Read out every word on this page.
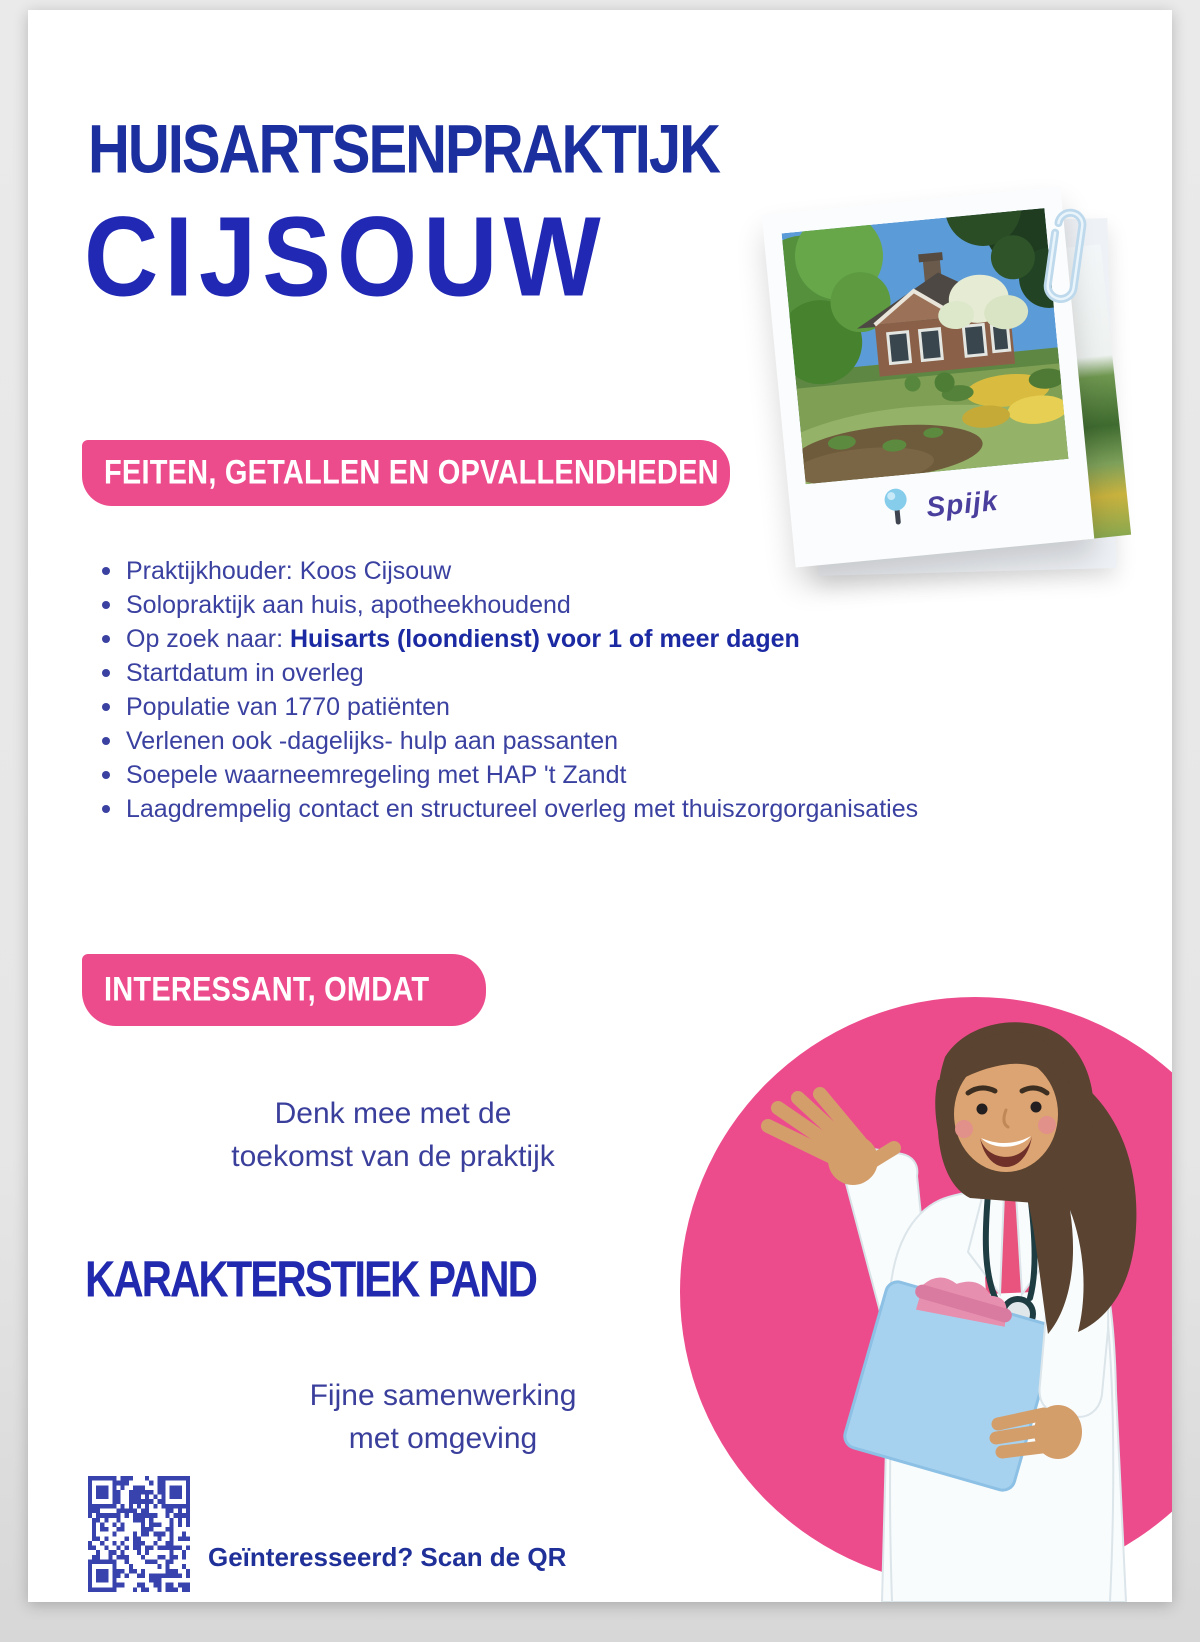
HUISARTSENPRAKTIJK
CIJSOUW
Spijk
FEITEN, GETALLEN EN OPVALLENDHEDEN
Praktijkhouder: Koos Cijsouw
Solopraktijk aan huis, apotheekhoudend
Op zoek naar: Huisarts (loondienst) voor 1 of meer dagen
Startdatum in overleg
Populatie van 1770 patiënten
Verlenen ook -dagelijks- hulp aan passanten
Soepele waarneemregeling met HAP 't Zandt
Laagdrempelig contact en structureel overleg met thuiszorgorganisaties
INTERESSANT, OMDAT
Denk mee met de
toekomst van de praktijk
KARAKTERSTIEK PAND
Fijne samenwerking
met omgeving
Geïnteresseerd? Scan de QR
